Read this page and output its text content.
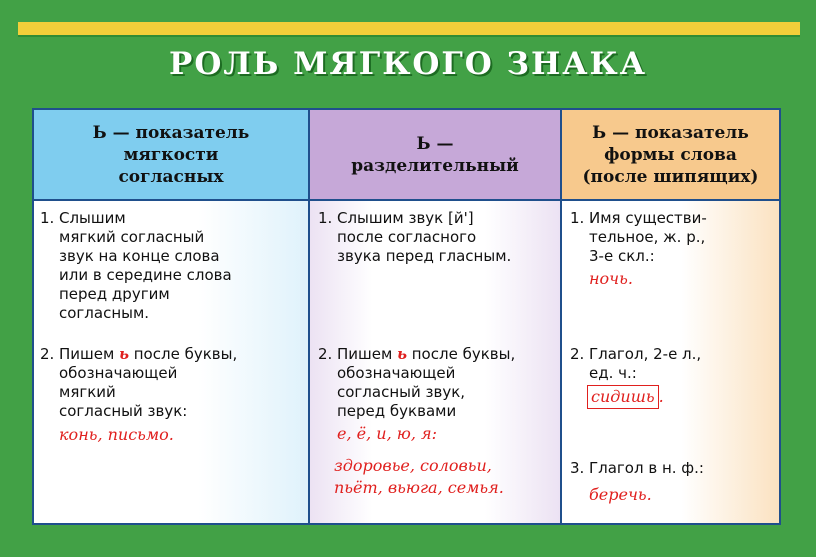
РОЛЬ МЯГКОГО ЗНАКА
Ь — показатель
мягкости
согласных
1. Слышим
мягкий согласный
звук на конце слова
или в середине слова
перед другим
согласным.
2. Пишем ь после буквы,
обозначающей
мягкий
согласный звук:
конь, письмо.
Ь —
разделительный
1. Слышим звук [й']
после согласного
звука перед гласным.
2. Пишем ь после буквы,
обозначающей
согласный звук,
перед буквами
е, ё, и, ю, я:
здоровье, соловьи,
пьёт, вьюга, семья.
Ь — показатель
формы слова
(после шипящих)
1. Имя существи-
тельное, ж. р.,
3-е скл.:
ночь.
2. Глагол, 2-е л.,
ед. ч.:
сидишь .
3. Глагол в н. ф.:
беречь.
